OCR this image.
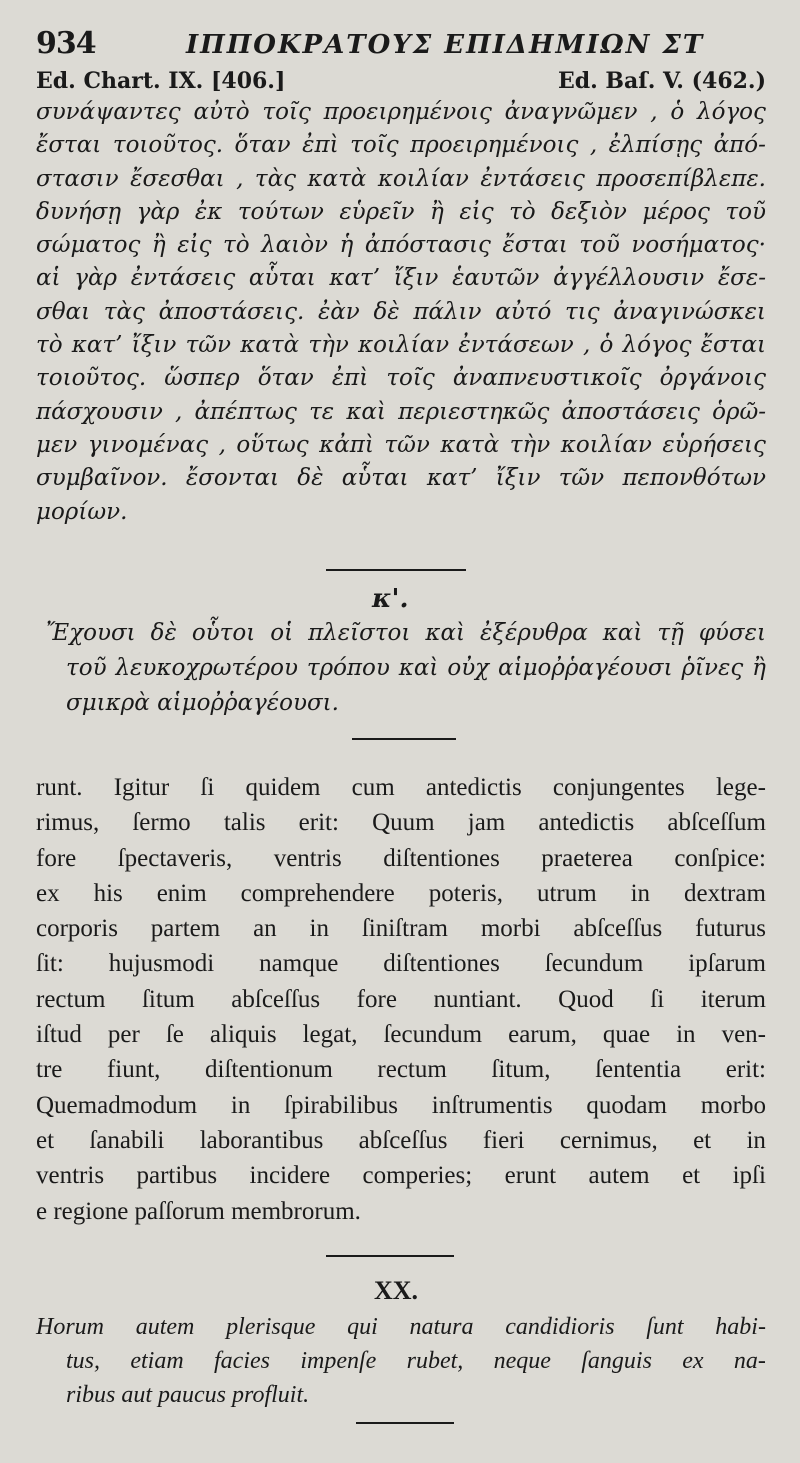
934	ΙΠΠΟΚΡΑΤΟΥΣ ΕΠΙΔΗΜΙΩΝ ΣΤ
Ed. Chart. IX. [406.]	Ed. Baſ. V. (462.)
συνάψαντες αὐτὸ τοῖς προειρημένοις ἀναγνῶμεν , ὁ λόγος
ἔσται τοιοῦτος. ὅταν ἐπὶ τοῖς προειρημένοις , ἐλπίσῃς ἀπό-
στασιν ἔσεσθαι , τὰς κατὰ κοιλίαν ἐντάσεις προσεπίβλεπε.
δυνήσῃ γὰρ ἐκ τούτων εὑρεῖν ἢ εἰς τὸ δεξιὸν μέρος τοῦ
σώματος ἢ εἰς τὸ λαιὸν ἡ ἀπόστασις ἔσται τοῦ νοσήματος·
αἱ γὰρ ἐντάσεις αὗται κατ’ ἴξιν ἑαυτῶν ἀγγέλλουσιν ἔσε-
σθαι τὰς ἀποστάσεις. ἐὰν δὲ πάλιν αὐτό τις ἀναγινώσκει
τὸ κατ’ ἴξιν τῶν κατὰ τὴν κοιλίαν ἐντάσεων , ὁ λόγος ἔσται
τοιοῦτος. ὥσπερ ὅταν ἐπὶ τοῖς ἀναπνευστικοῖς ὀργάνοις
πάσχουσιν , ἀπέπτως τε καὶ περιεστηκῶς ἀποστάσεις ὁρῶ-
μεν γινομένας , οὕτως κἀπὶ τῶν κατὰ τὴν κοιλίαν εὑρήσεις
συμβαῖνον. ἔσονται δὲ αὗται κατ’ ἴξιν τῶν πεπονθότων
μορίων.
κ'.
Ἔχουσι δὲ οὗτοι οἱ πλεῖστοι καὶ ἐξέρυθρα καὶ τῇ φύσει
τοῦ λευκοχρωτέρου τρόπου καὶ οὐχ αἱμοῤῥαγέουσι ῥῖνες ἢ
σμικρὰ αἱμοῤῥαγέουσι.
runt. Igitur ſi quidem cum antedictis conjungentes lege-
rimus, ſermo talis erit: Quum jam antedictis abſceſſum
fore ſpectaveris, ventris diſtentiones praeterea conſpice:
ex his enim comprehendere poteris, utrum in dextram
corporis partem an in ſiniſtram morbi abſceſſus futurus
ſit: hujusmodi namque diſtentiones ſecundum ipſarum
rectum ſitum abſceſſus fore nuntiant. Quod ſi iterum
iſtud per ſe aliquis legat, ſecundum earum, quae in ven-
tre fiunt, diſtentionum rectum ſitum, ſententia erit:
Quemadmodum in ſpirabilibus inſtrumentis quodam morbo
et ſanabili laborantibus abſceſſus fieri cernimus, et in
ventris partibus incidere comperies; erunt autem et ipſi
e regione paſſorum membrorum.
XX.
Horum autem plerisque qui natura candidioris ſunt habi-
tus, etiam facies impenſe rubet, neque ſanguis ex na-
ribus aut paucus profluit.
